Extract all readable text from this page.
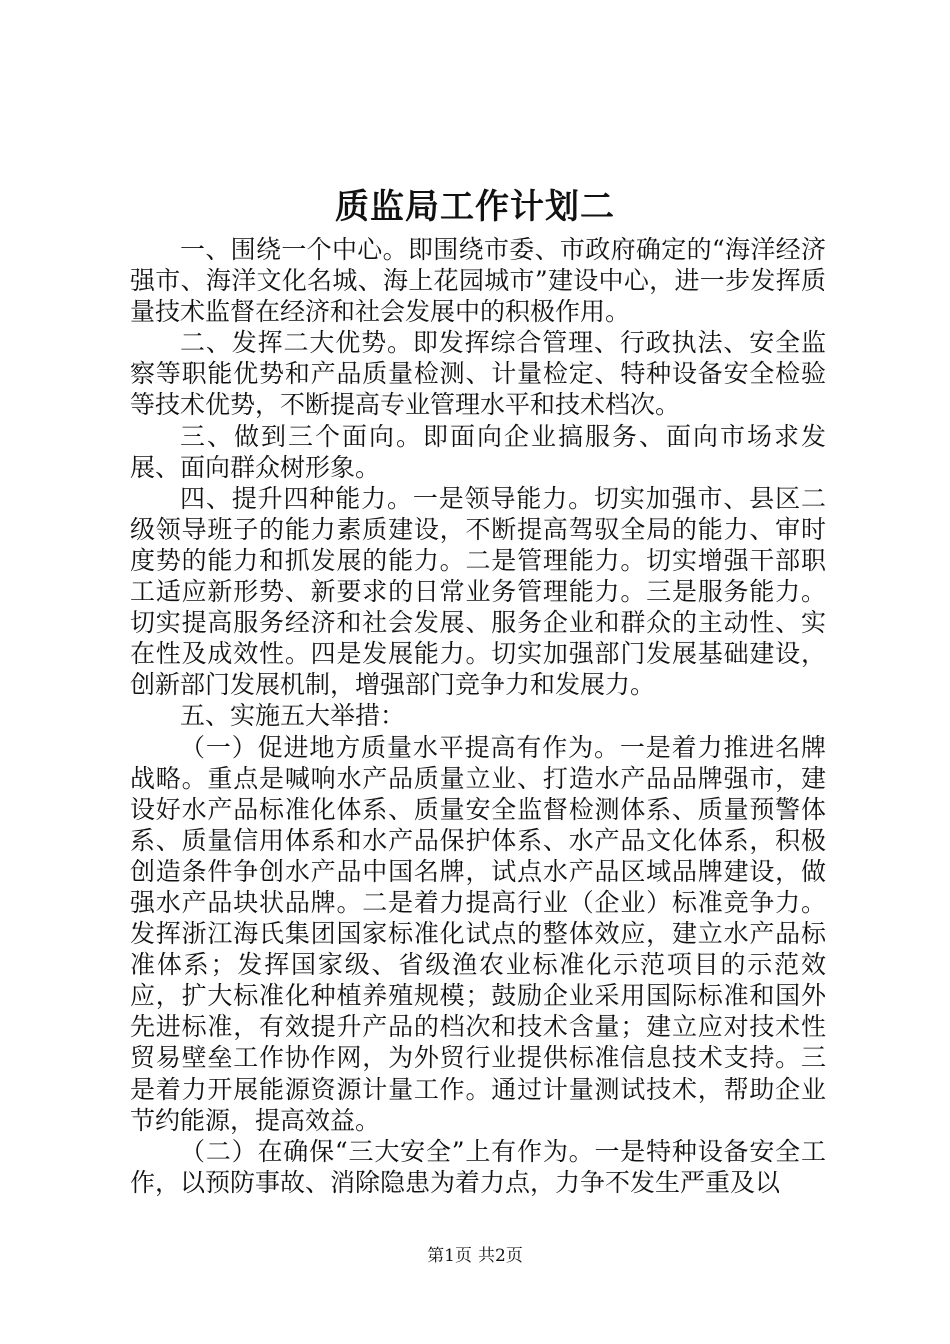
质监局工作计划二

一、围绕一个中心。即围绕市委、市政府确定的“海洋经济强市、海洋文化名城、海上花园城市”建设中心，进一步发挥质量技术监督在经济和社会发展中的积极作用。

二、发挥二大优势。即发挥综合管理、行政执法、安全监察等职能优势和产品质量检测、计量检定、特种设备安全检验等技术优势，不断提高专业管理水平和技术档次。

三、做到三个面向。即面向企业搞服务、面向市场求发展、面向群众树形象。

四、提升四种能力。一是领导能力。切实加强市、县区二级领导班子的能力素质建设，不断提高驾驭全局的能力、审时度势的能力和抓发展的能力。二是管理能力。切实增强干部职工适应新形势、新要求的日常业务管理能力。三是服务能力。切实提高服务经济和社会发展、服务企业和群众的主动性、实在性及成效性。四是发展能力。切实加强部门发展基础建设，创新部门发展机制，增强部门竞争力和发展力。

五、实施五大举措：

（一）促进地方质量水平提高有作为。一是着力推进名牌战略。重点是喊响水产品质量立业、打造水产品品牌强市，建设好水产品标准化体系、质量安全监督检测体系、质量预警体系、质量信用体系和水产品保护体系、水产品文化体系，积极创造条件争创水产品中国名牌，试点水产品区域品牌建设，做强水产品块状品牌。二是着力提高行业（企业）标准竞争力。发挥浙江海氏集团国家标准化试点的整体效应，建立水产品标准体系；发挥国家级、省级渔农业标准化示范项目的示范效应，扩大标准化种植养殖规模；鼓励企业采用国际标准和国外先进标准，有效提升产品的档次和技术含量；建立应对技术性贸易壁垒工作协作网，为外贸行业提供标准信息技术支持。三是着力开展能源资源计量工作。通过计量测试技术，帮助企业节约能源，提高效益。

（二）在确保“三大安全”上有作为。一是特种设备安全工作，以预防事故、消除隐患为着力点，力争不发生严重及以

第1页 共2页
